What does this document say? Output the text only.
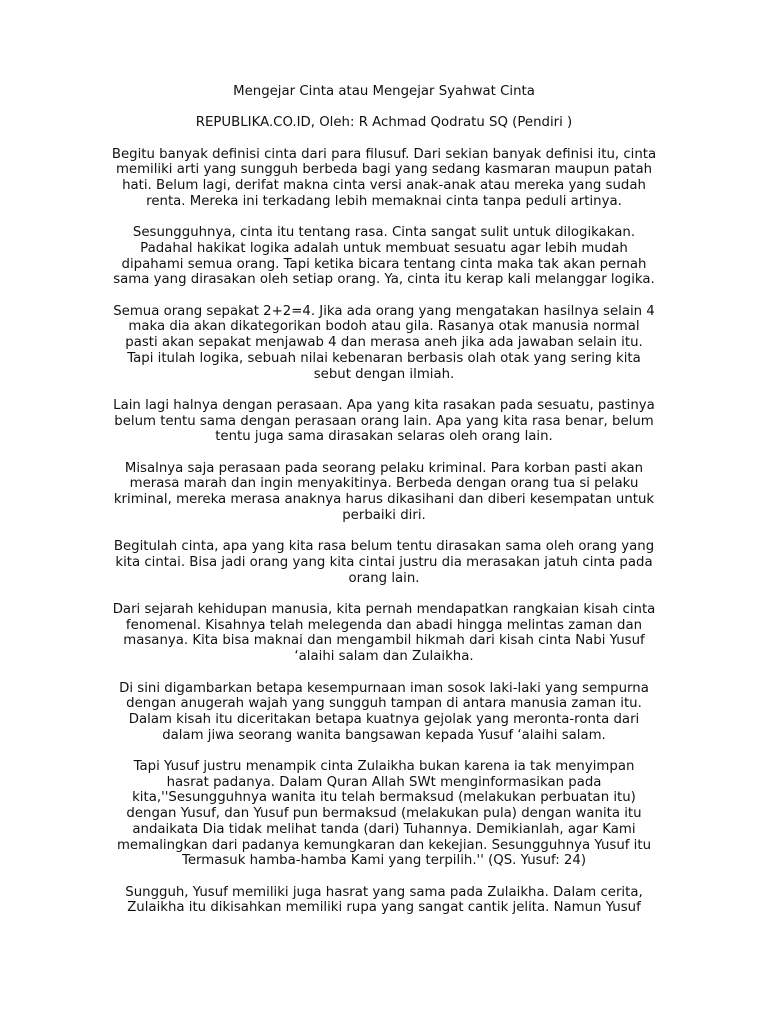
Mengejar Cinta atau Mengejar Syahwat Cinta

REPUBLIKA.CO.ID, Oleh: R Achmad Qodratu SQ (Pendiri )

Begitu banyak definisi cinta dari para filusuf. Dari sekian banyak definisi itu, cinta
memiliki arti yang sungguh berbeda bagi yang sedang kasmaran maupun patah
hati. Belum lagi, derifat makna cinta versi anak-anak atau mereka yang sudah
renta. Mereka ini terkadang lebih memaknai cinta tanpa peduli artinya.

Sesungguhnya, cinta itu tentang rasa. Cinta sangat sulit untuk dilogikakan.
Padahal hakikat logika adalah untuk membuat sesuatu agar lebih mudah
dipahami semua orang. Tapi ketika bicara tentang cinta maka tak akan pernah
sama yang dirasakan oleh setiap orang. Ya, cinta itu kerap kali melanggar logika.

Semua orang sepakat 2+2=4. Jika ada orang yang mengatakan hasilnya selain 4
maka dia akan dikategorikan bodoh atau gila. Rasanya otak manusia normal
pasti akan sepakat menjawab 4 dan merasa aneh jika ada jawaban selain itu.
Tapi itulah logika, sebuah nilai kebenaran berbasis olah otak yang sering kita
sebut dengan ilmiah.

Lain lagi halnya dengan perasaan. Apa yang kita rasakan pada sesuatu, pastinya
belum tentu sama dengan perasaan orang lain. Apa yang kita rasa benar, belum
tentu juga sama dirasakan selaras oleh orang lain.

Misalnya saja perasaan pada seorang pelaku kriminal. Para korban pasti akan
merasa marah dan ingin menyakitinya. Berbeda dengan orang tua si pelaku
kriminal, mereka merasa anaknya harus dikasihani dan diberi kesempatan untuk
perbaiki diri.

Begitulah cinta, apa yang kita rasa belum tentu dirasakan sama oleh orang yang
kita cintai. Bisa jadi orang yang kita cintai justru dia merasakan jatuh cinta pada
orang lain.

Dari sejarah kehidupan manusia, kita pernah mendapatkan rangkaian kisah cinta
fenomenal. Kisahnya telah melegenda dan abadi hingga melintas zaman dan
masanya. Kita bisa maknai dan mengambil hikmah dari kisah cinta Nabi Yusuf
‘alaihi salam dan Zulaikha.

Di sini digambarkan betapa kesempurnaan iman sosok laki-laki yang sempurna
dengan anugerah wajah yang sungguh tampan di antara manusia zaman itu.
Dalam kisah itu diceritakan betapa kuatnya gejolak yang meronta-ronta dari
dalam jiwa seorang wanita bangsawan kepada Yusuf ‘alaihi salam.

Tapi Yusuf justru menampik cinta Zulaikha bukan karena ia tak menyimpan
hasrat padanya. Dalam Quran Allah SWt menginformasikan pada
kita,''Sesungguhnya wanita itu telah bermaksud (melakukan perbuatan itu)
dengan Yusuf, dan Yusuf pun bermaksud (melakukan pula) dengan wanita itu
andaikata Dia tidak melihat tanda (dari) Tuhannya. Demikianlah, agar Kami
memalingkan dari padanya kemungkaran dan kekejian. Sesungguhnya Yusuf itu
Termasuk hamba-hamba Kami yang terpilih.'' (QS. Yusuf: 24)

Sungguh, Yusuf memiliki juga hasrat yang sama pada Zulaikha. Dalam cerita,
Zulaikha itu dikisahkan memiliki rupa yang sangat cantik jelita. Namun Yusuf
